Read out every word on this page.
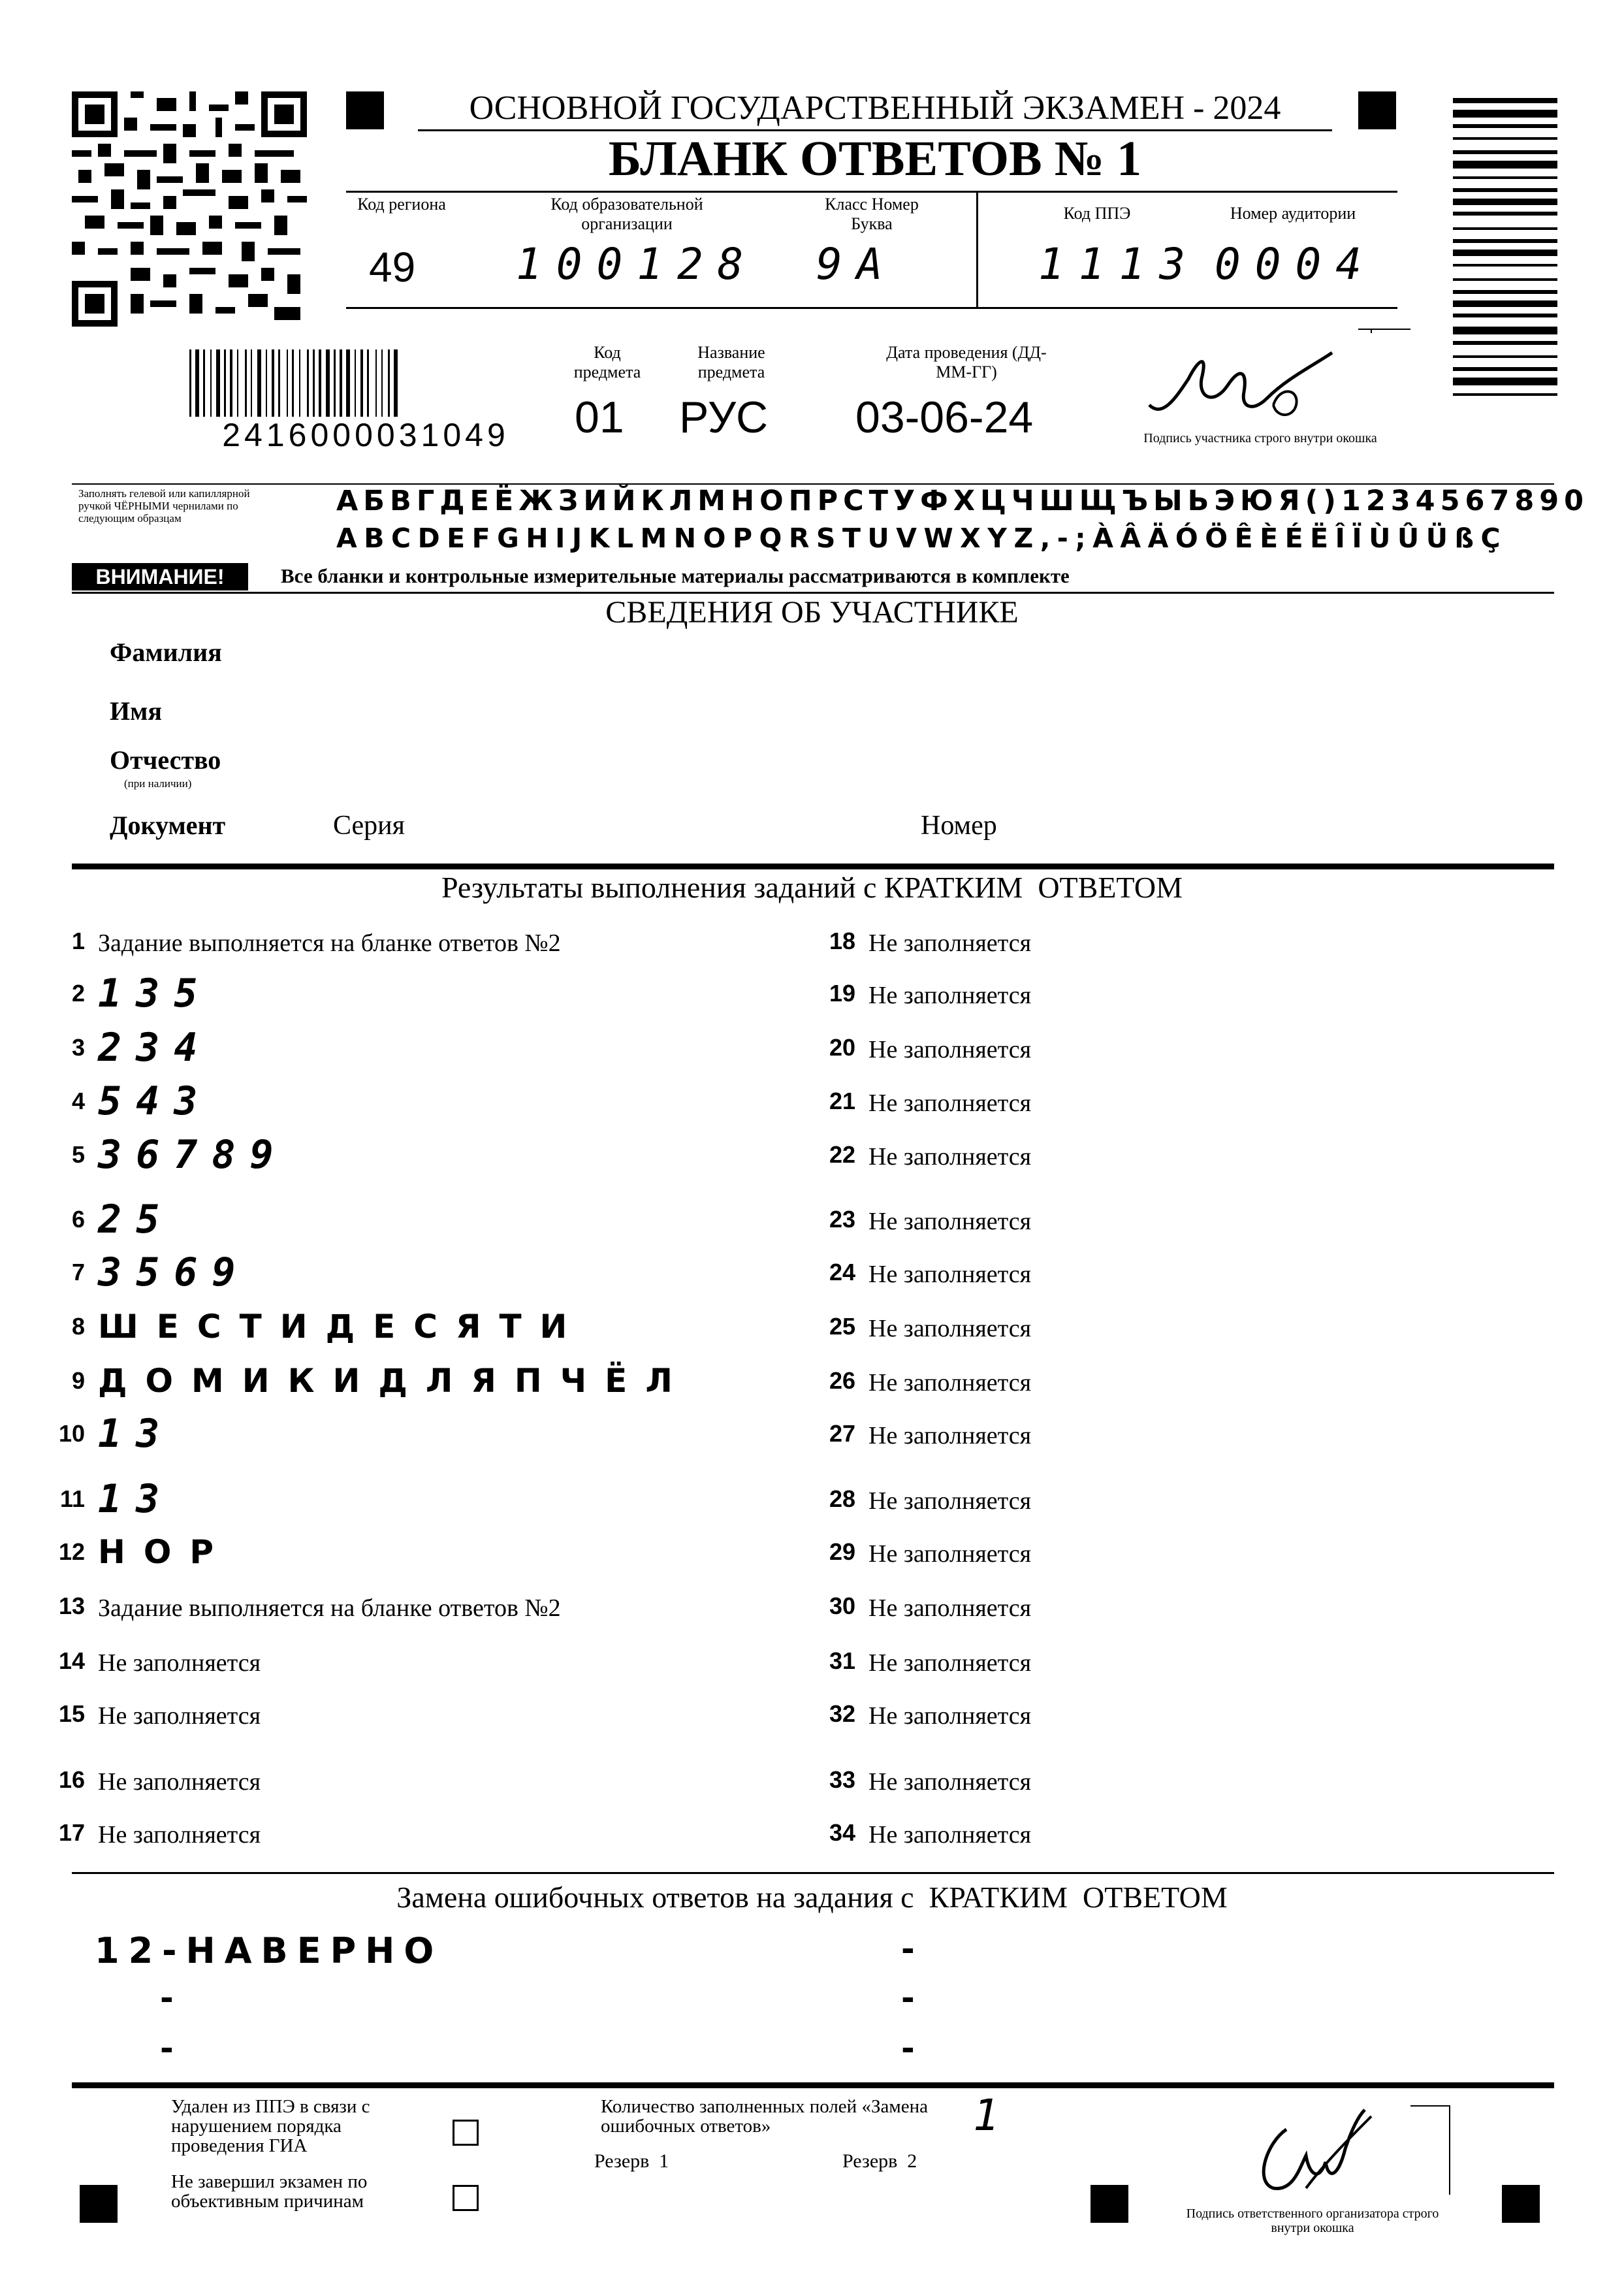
ОСНОВНОЙ ГОСУДАРСТВЕННЫЙ ЭКЗАМЕН - 2024
БЛАНК ОТВЕТОВ № 1
Код региона	Код образовательной организации
Класс Номер Буква
Код ППЭ	Номер аудитории
49 100128 9А	1113 0004
2416000031049
Код предмета
Название предмета
Дата проведения (ДД-ММ-ГГ)
01 РУС 03-06-24	Подпись участника строго внутри окошка
Заполнять гелевой или капиллярной ручкой ЧЁРНЫМИ чернилами по следующим образцам
АБВГДЕЁЖЗИЙКЛМНОПРСТУФХЦЧШЩЪЫЬЭЮЯ()1234567890
ABCDEFGHIJKLMNOPQRSTUVWXYZ,-;ÀÂÄÓÖÊÈÉËÎÏÙÛÜßÇ
ВНИМАНИЕ!	Все бланки и контрольные измерительные материалы рассматриваются в комплекте
СВЕДЕНИЯ ОБ УЧАСТНИКЕ
Фамилия
Имя
Отчество
(при наличии)
Документ	Серия	Номер
Результаты выполнения заданий с КРАТКИМ  ОТВЕТОМ
1 Задание выполняется на бланке ответов №2
2 135
3 234
4 543
5 36789
6 25
7 3569
8 ШЕСТИДЕСЯТИ
9 ДОМИКИДЛЯПЧЁЛ
10 13
11 13
12 НОР
13 Задание выполняется на бланке ответов №2
14 Не заполняется
15 Не заполняется
16 Не заполняется
17 Не заполняется
18 Не заполняется
19 Не заполняется
20 Не заполняется
21 Не заполняется
22 Не заполняется
23 Не заполняется
24 Не заполняется
25 Не заполняется
26 Не заполняется
27 Не заполняется
28 Не заполняется
29 Не заполняется
30 Не заполняется
31 Не заполняется
32 Не заполняется
33 Не заполняется
34 Не заполняется
Замена ошибочных ответов на задания с  КРАТКИМ  ОТВЕТОМ
12-НАВЕРНО	-
-	-
-	-
Удален из ППЭ в связи с нарушением порядка проведения ГИА
Не завершил экзамен по объективным причинам
Количество заполненных полей «Замена ошибочных ответов»	1
Резерв  1	Резерв  2
Подпись ответственного организатора строго внутри окошка
